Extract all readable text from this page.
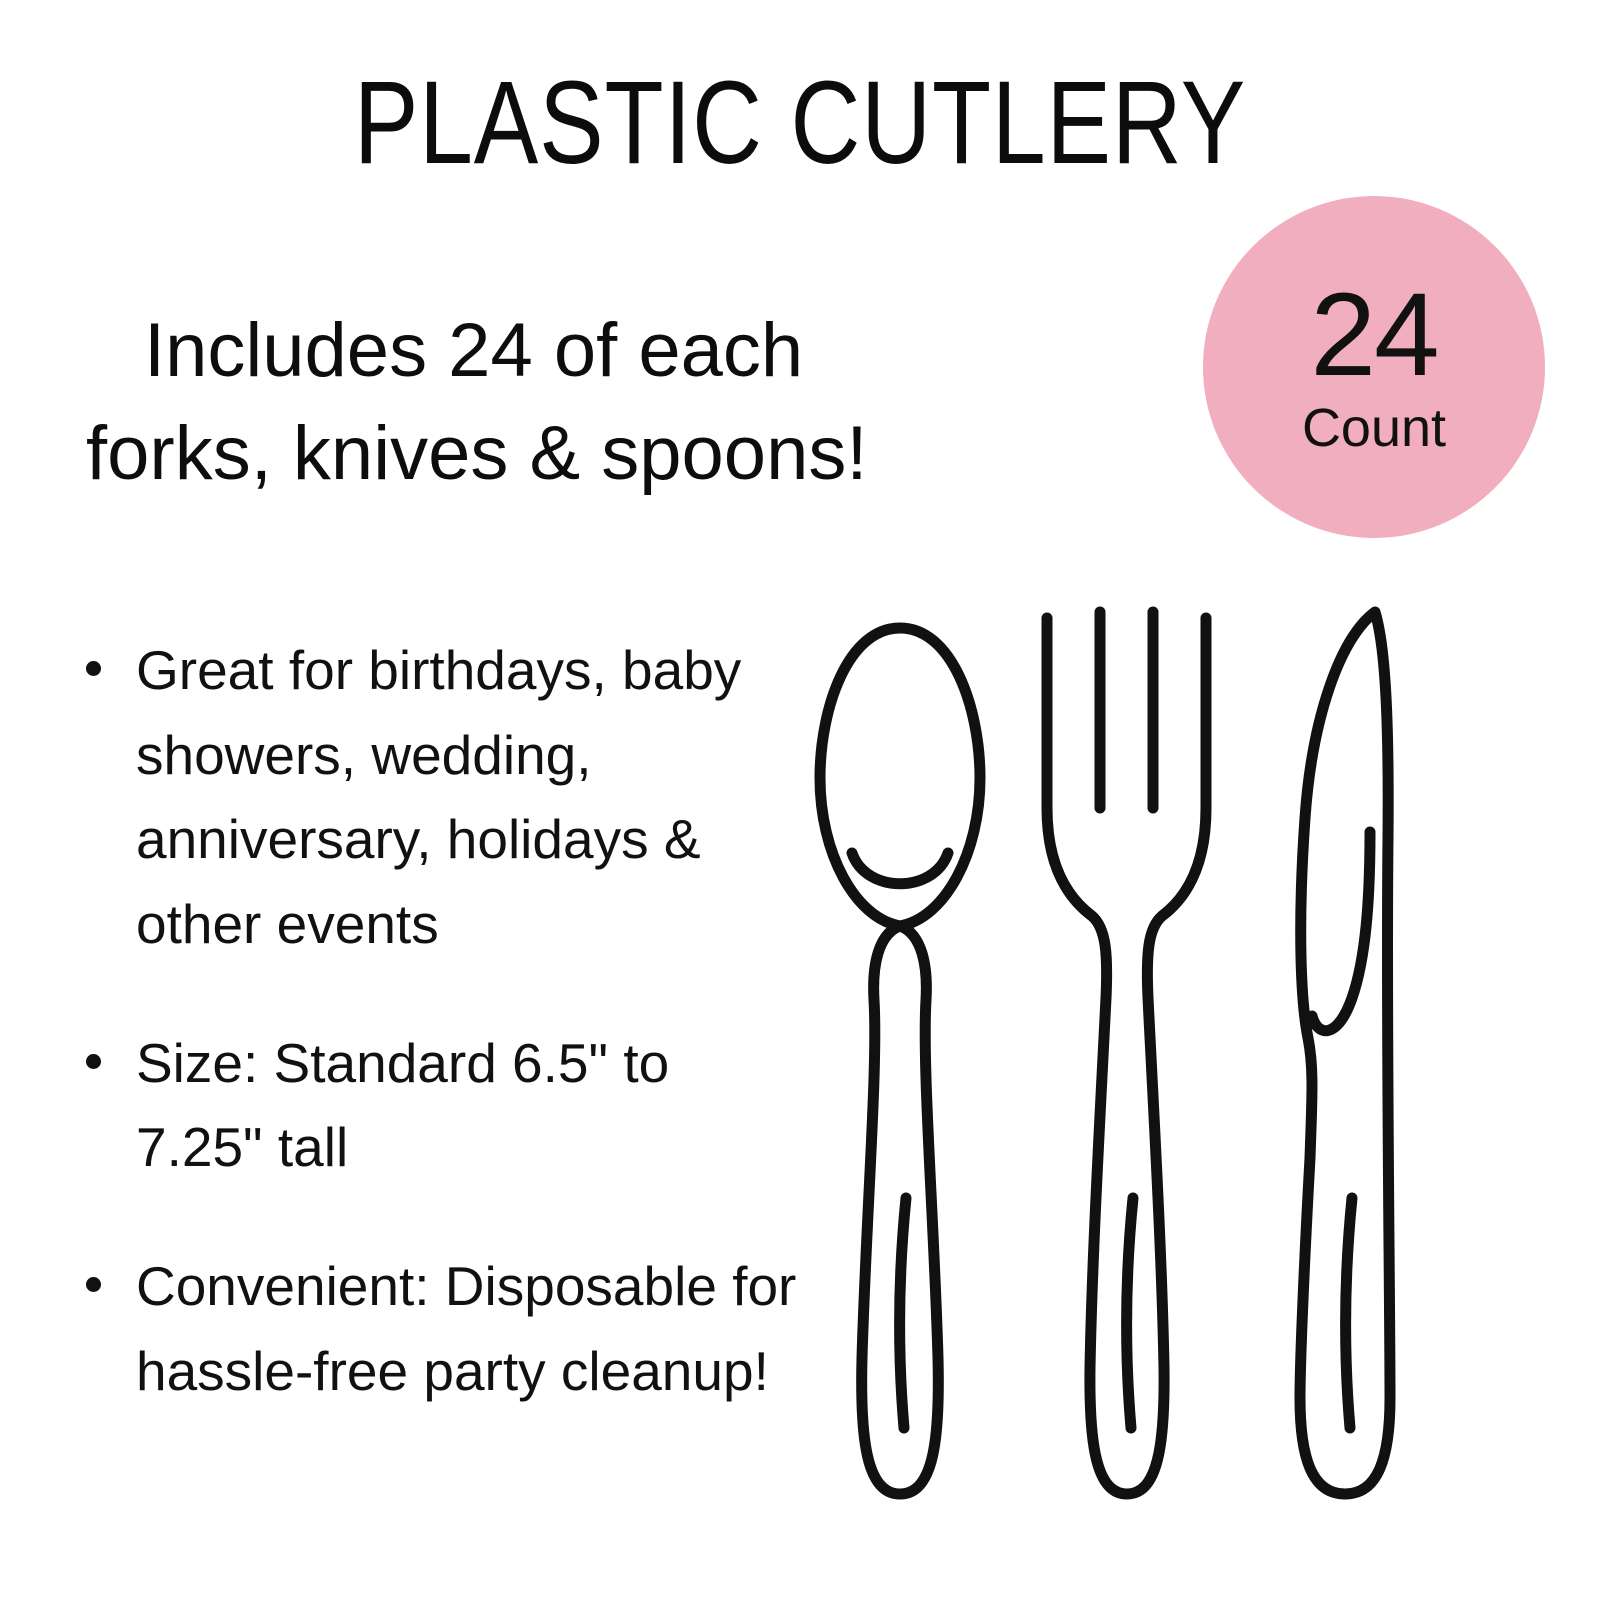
PLASTIC CUTLERY
24
Count
Includes 24 of each
forks, knives & spoons!
Great for birthdays, baby showers, wedding, anniversary, holidays & other events
Size: Standard 6.5" to 7.25" tall
Convenient: Disposable for hassle-free party cleanup!
